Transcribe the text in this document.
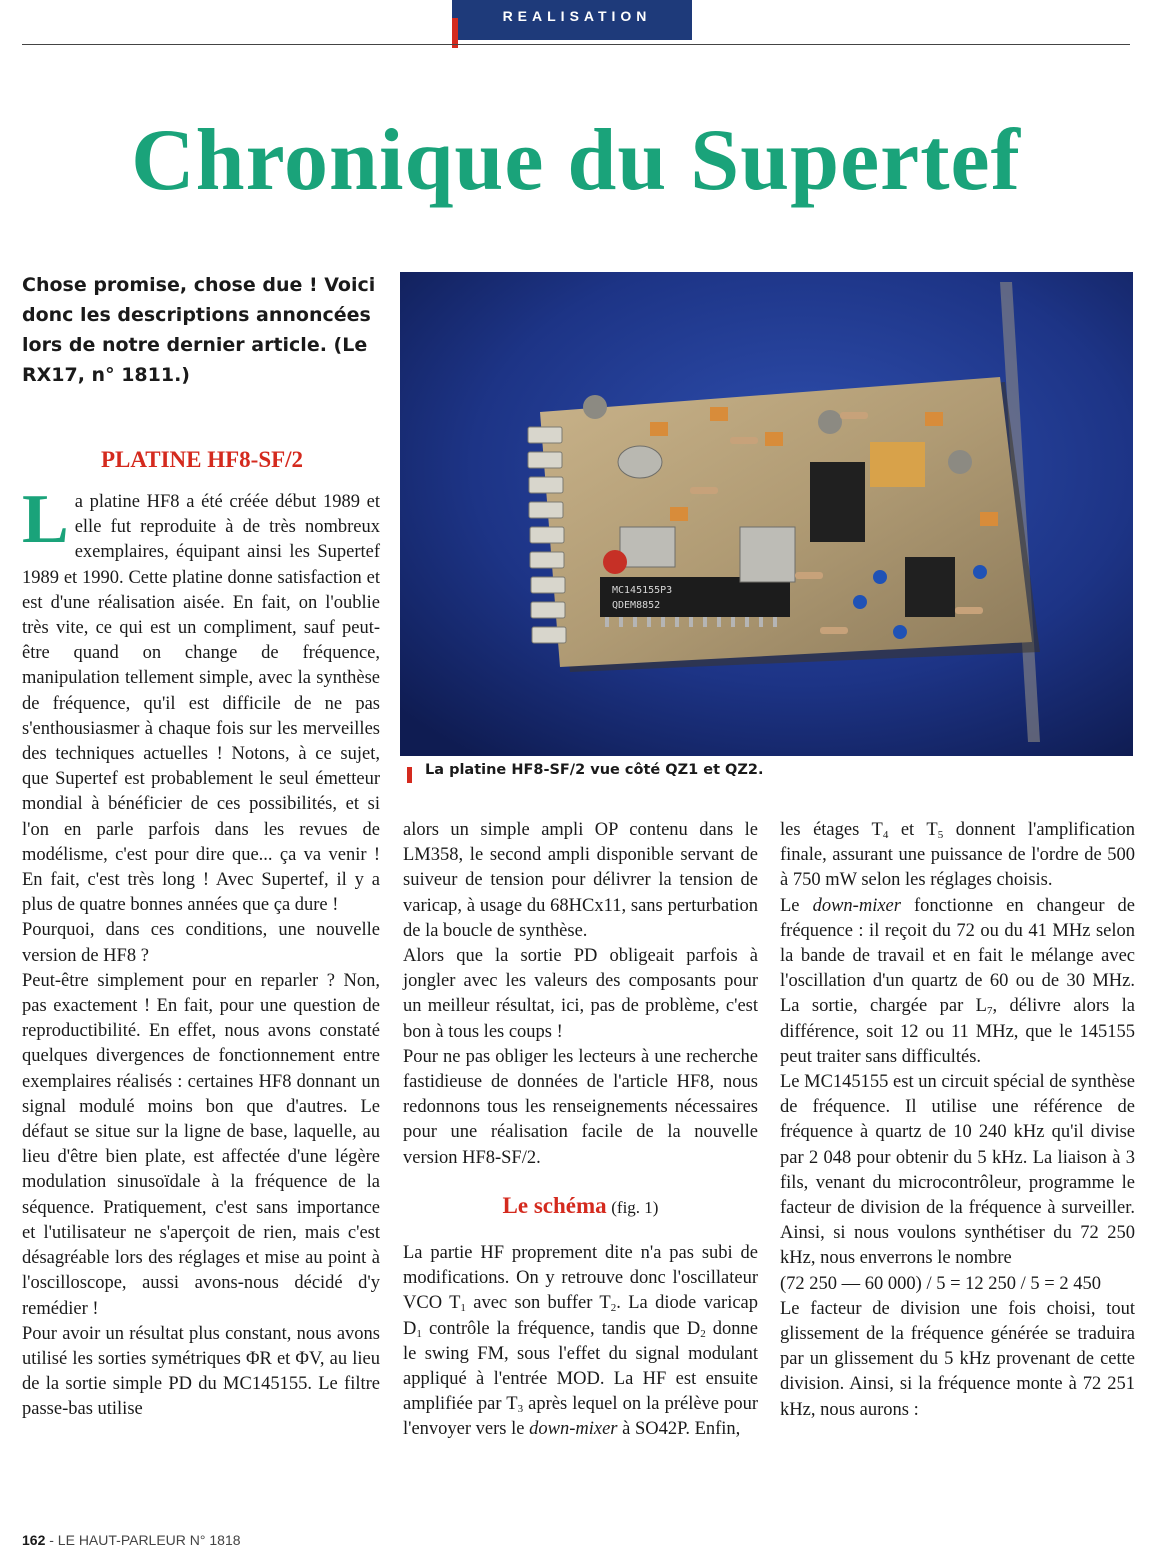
REALISATION
Chronique du Supertef
Chose promise, chose due ! Voici donc les descriptions annoncées lors de notre dernier article. (Le RX17, n° 1811.)
MC145155P3
QDEM8852
La platine HF8-SF/2 vue côté QZ1 et QZ2.
PLATINE HF8-SF/2

La platine HF8 a été créée début 1989 et elle fut reproduite à de très nombreux exemplaires, équipant ainsi les Supertef 1989 et 1990. Cette platine donne satisfaction et est d'une réalisation aisée. En fait, on l'oublie très vite, ce qui est un compliment, sauf peut-être quand on change de fréquence, manipulation tellement simple, avec la synthèse de fréquence, qu'il est difficile de ne pas s'enthousiasmer à chaque fois sur les merveilles des techniques actuelles ! Notons, à ce sujet, que Supertef est probablement le seul émetteur mondial à bénéficier de ces possibilités, et si l'on en parle parfois dans les revues de modélisme, c'est pour dire que... ça va venir ! En fait, c'est très long ! Avec Supertef, il y a plus de quatre bonnes années que ça dure !

Pourquoi, dans ces conditions, une nouvelle version de HF8 ?

Peut-être simplement pour en reparler ? Non, pas exactement ! En fait, pour une question de reproductibilité. En effet, nous avons constaté quelques divergences de fonctionnement entre exemplaires réalisés : certaines HF8 donnant un signal modulé moins bon que d'autres. Le défaut se situe sur la ligne de base, laquelle, au lieu d'être bien plate, est affectée d'une légère modulation sinusoïdale à la fréquence de la séquence. Pratiquement, c'est sans importance et l'utilisateur ne s'aperçoit de rien, mais c'est désagréable lors des réglages et mise au point à l'oscilloscope, aussi avons-nous décidé d'y remédier !

Pour avoir un résultat plus constant, nous avons utilisé les sorties symétriques ΦR et ΦV, au lieu de la sortie simple PD du MC145155. Le filtre passe-bas utilise

alors un simple ampli OP contenu dans le LM358, le second ampli disponible servant de suiveur de tension pour délivrer la tension de varicap, à usage du 68HCx11, sans perturbation de la boucle de synthèse.

Alors que la sortie PD obligeait parfois à jongler avec les valeurs des composants pour un meilleur résultat, ici, pas de problème, c'est bon à tous les coups !

Pour ne pas obliger les lecteurs à une recherche fastidieuse de données de l'article HF8, nous redonnons tous les renseignements nécessaires pour une réalisation facile de la nouvelle version HF8-SF/2.

Le schéma (fig. 1)

La partie HF proprement dite n'a pas subi de modifications. On y retrouve donc l'oscillateur VCO $T_1$ avec son buffer $T_2$. La diode varicap $D_1$ contrôle la fréquence, tandis que $D_2$ donne le swing FM, sous l'effet du signal modulant appliqué à l'entrée MOD. La HF est ensuite amplifiée par $T_3$ après lequel on la prélève pour l'envoyer vers le down-mixer à SO42P. Enfin,

les étages $T_4$ et $T_5$ donnent l'amplification finale, assurant une puissance de l'ordre de 500 à 750 mW selon les réglages choisis.

Le down-mixer fonctionne en changeur de fréquence : il reçoit du 72 ou du 41 MHz selon la bande de travail et en fait le mélange avec l'oscillation d'un quartz de 60 ou de 30 MHz. La sortie, chargée par $L_7$, délivre alors la différence, soit 12 ou 11 MHz, que le 145155 peut traiter sans difficultés.

Le MC145155 est un circuit spécial de synthèse de fréquence. Il utilise une référence de fréquence à quartz de 10 240 kHz qu'il divise par 2 048 pour obtenir du 5 kHz. La liaison à 3 fils, venant du microcontrôleur, programme le facteur de division de la fréquence à surveiller. Ainsi, si nous voulons synthétiser du 72 250 kHz, nous enverrons le nombre

(72 250 — 60 000) / 5 = 12 250 / 5 = 2 450

Le facteur de division une fois choisi, tout glissement de la fréquence générée se traduira par un glissement du 5 kHz provenant de cette division. Ainsi, si la fréquence monte à 72 251 kHz, nous aurons :

162 - LE HAUT-PARLEUR N° 1818
